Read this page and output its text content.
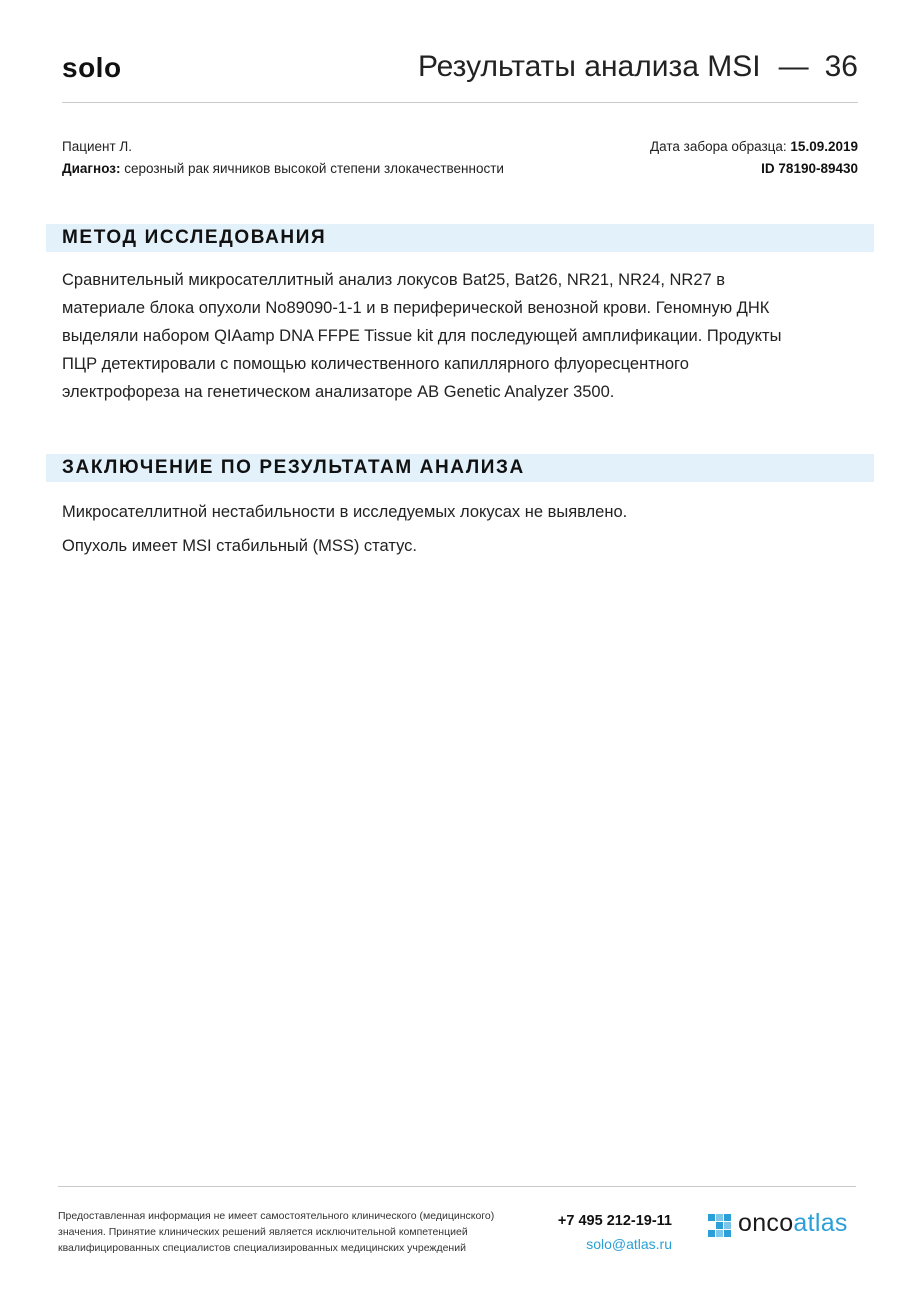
solo	Результаты анализа MSI — 36
Пациент Л.
Диагноз: серозный рак яичников высокой степени злокачественности
Дата забора образца: 15.09.2019
ID 78190-89430
МЕТОД ИССЛЕДОВАНИЯ
Сравнительный микросателлитный анализ локусов Bat25, Bat26, NR21, NR24, NR27 в
материале блока опухоли No89090-1-1 и в периферической венозной крови. Геномную ДНК
выделяли набором QIAamp DNA FFPE Tissue kit для последующей амплификации. Продукты
ПЦР детектировали с помощью количественного капиллярного флуоресцентного
электрофореза на генетическом анализаторе AB Genetic Analyzer 3500.
ЗАКЛЮЧЕНИЕ ПО РЕЗУЛЬТАТАМ АНАЛИЗА

Микросателлитной нестабильности в исследуемых локусах не выявлено.

Опухоль имеет MSI стабильный (MSS) статус.

Предоставленная информация не имеет самостоятельного клинического (медицинского)
значения. Принятие клинических решений является исключительной компетенцией
квалифицированных специалистов специализированных медицинских учреждений
+7 495 212-19-11
solo@atlas.ru
oncoatlas
